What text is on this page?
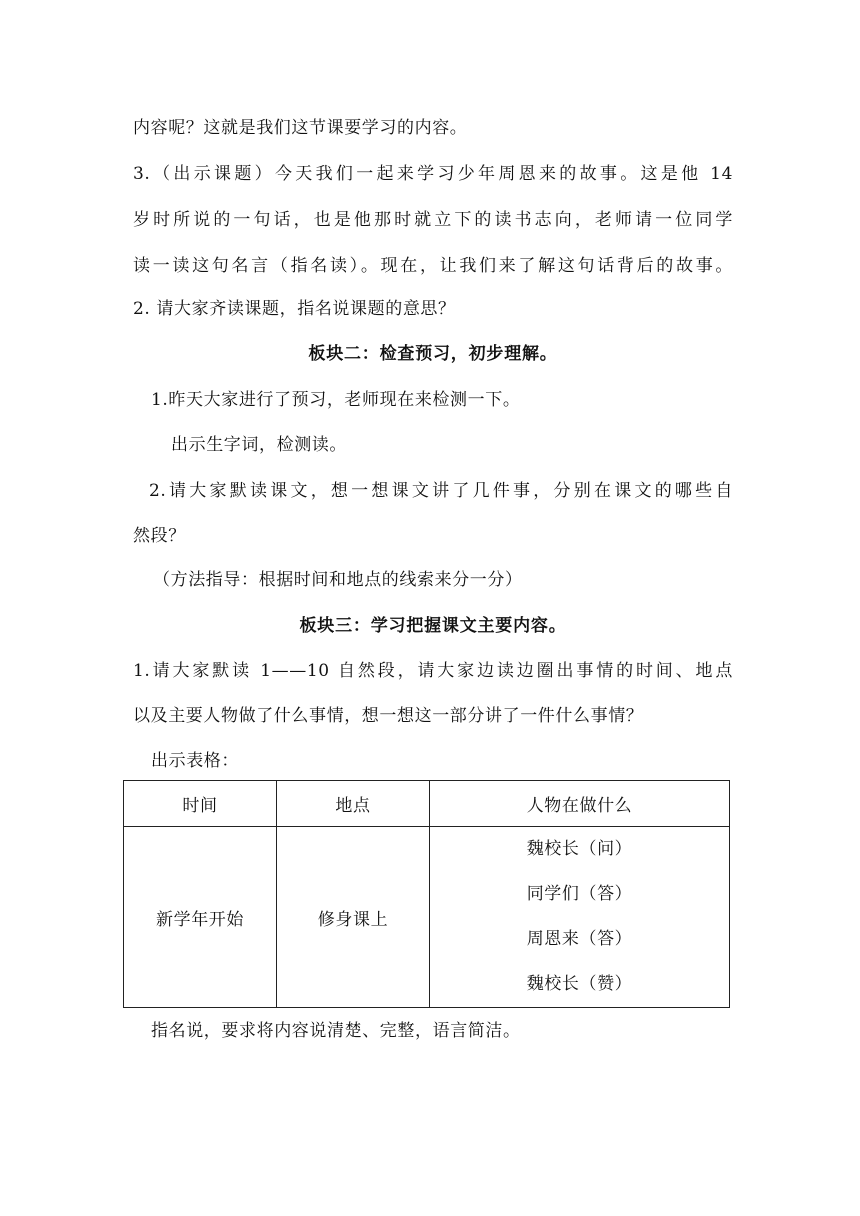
内容呢？这就是我们这节课要学习的内容。
3.（出示课题）今天我们一起来学习少年周恩来的故事。这是他 14
岁时所说的一句话，也是他那时就立下的读书志向，老师请一位同学
读一读这句名言（指名读）。现在，让我们来了解这句话背后的故事。
2. 请大家齐读课题，指名说课题的意思？
板块二：检查预习，初步理解。
1.昨天大家进行了预习，老师现在来检测一下。
出示生字词，检测读。
2.请大家默读课文，想一想课文讲了几件事，分别在课文的哪些自
然段？
（方法指导：根据时间和地点的线索来分一分）
板块三：学习把握课文主要内容。
1.请大家默读 1——10 自然段，请大家边读边圈出事情的时间、地点
以及主要人物做了什么事情，想一想这一部分讲了一件什么事情？
出示表格：
时间	地点	人物在做什么
新学年开始	修身课上	魏校长（问）
同学们（答）
周恩来（答）
魏校长（赞）
指名说，要求将内容说清楚、完整，语言简洁。
